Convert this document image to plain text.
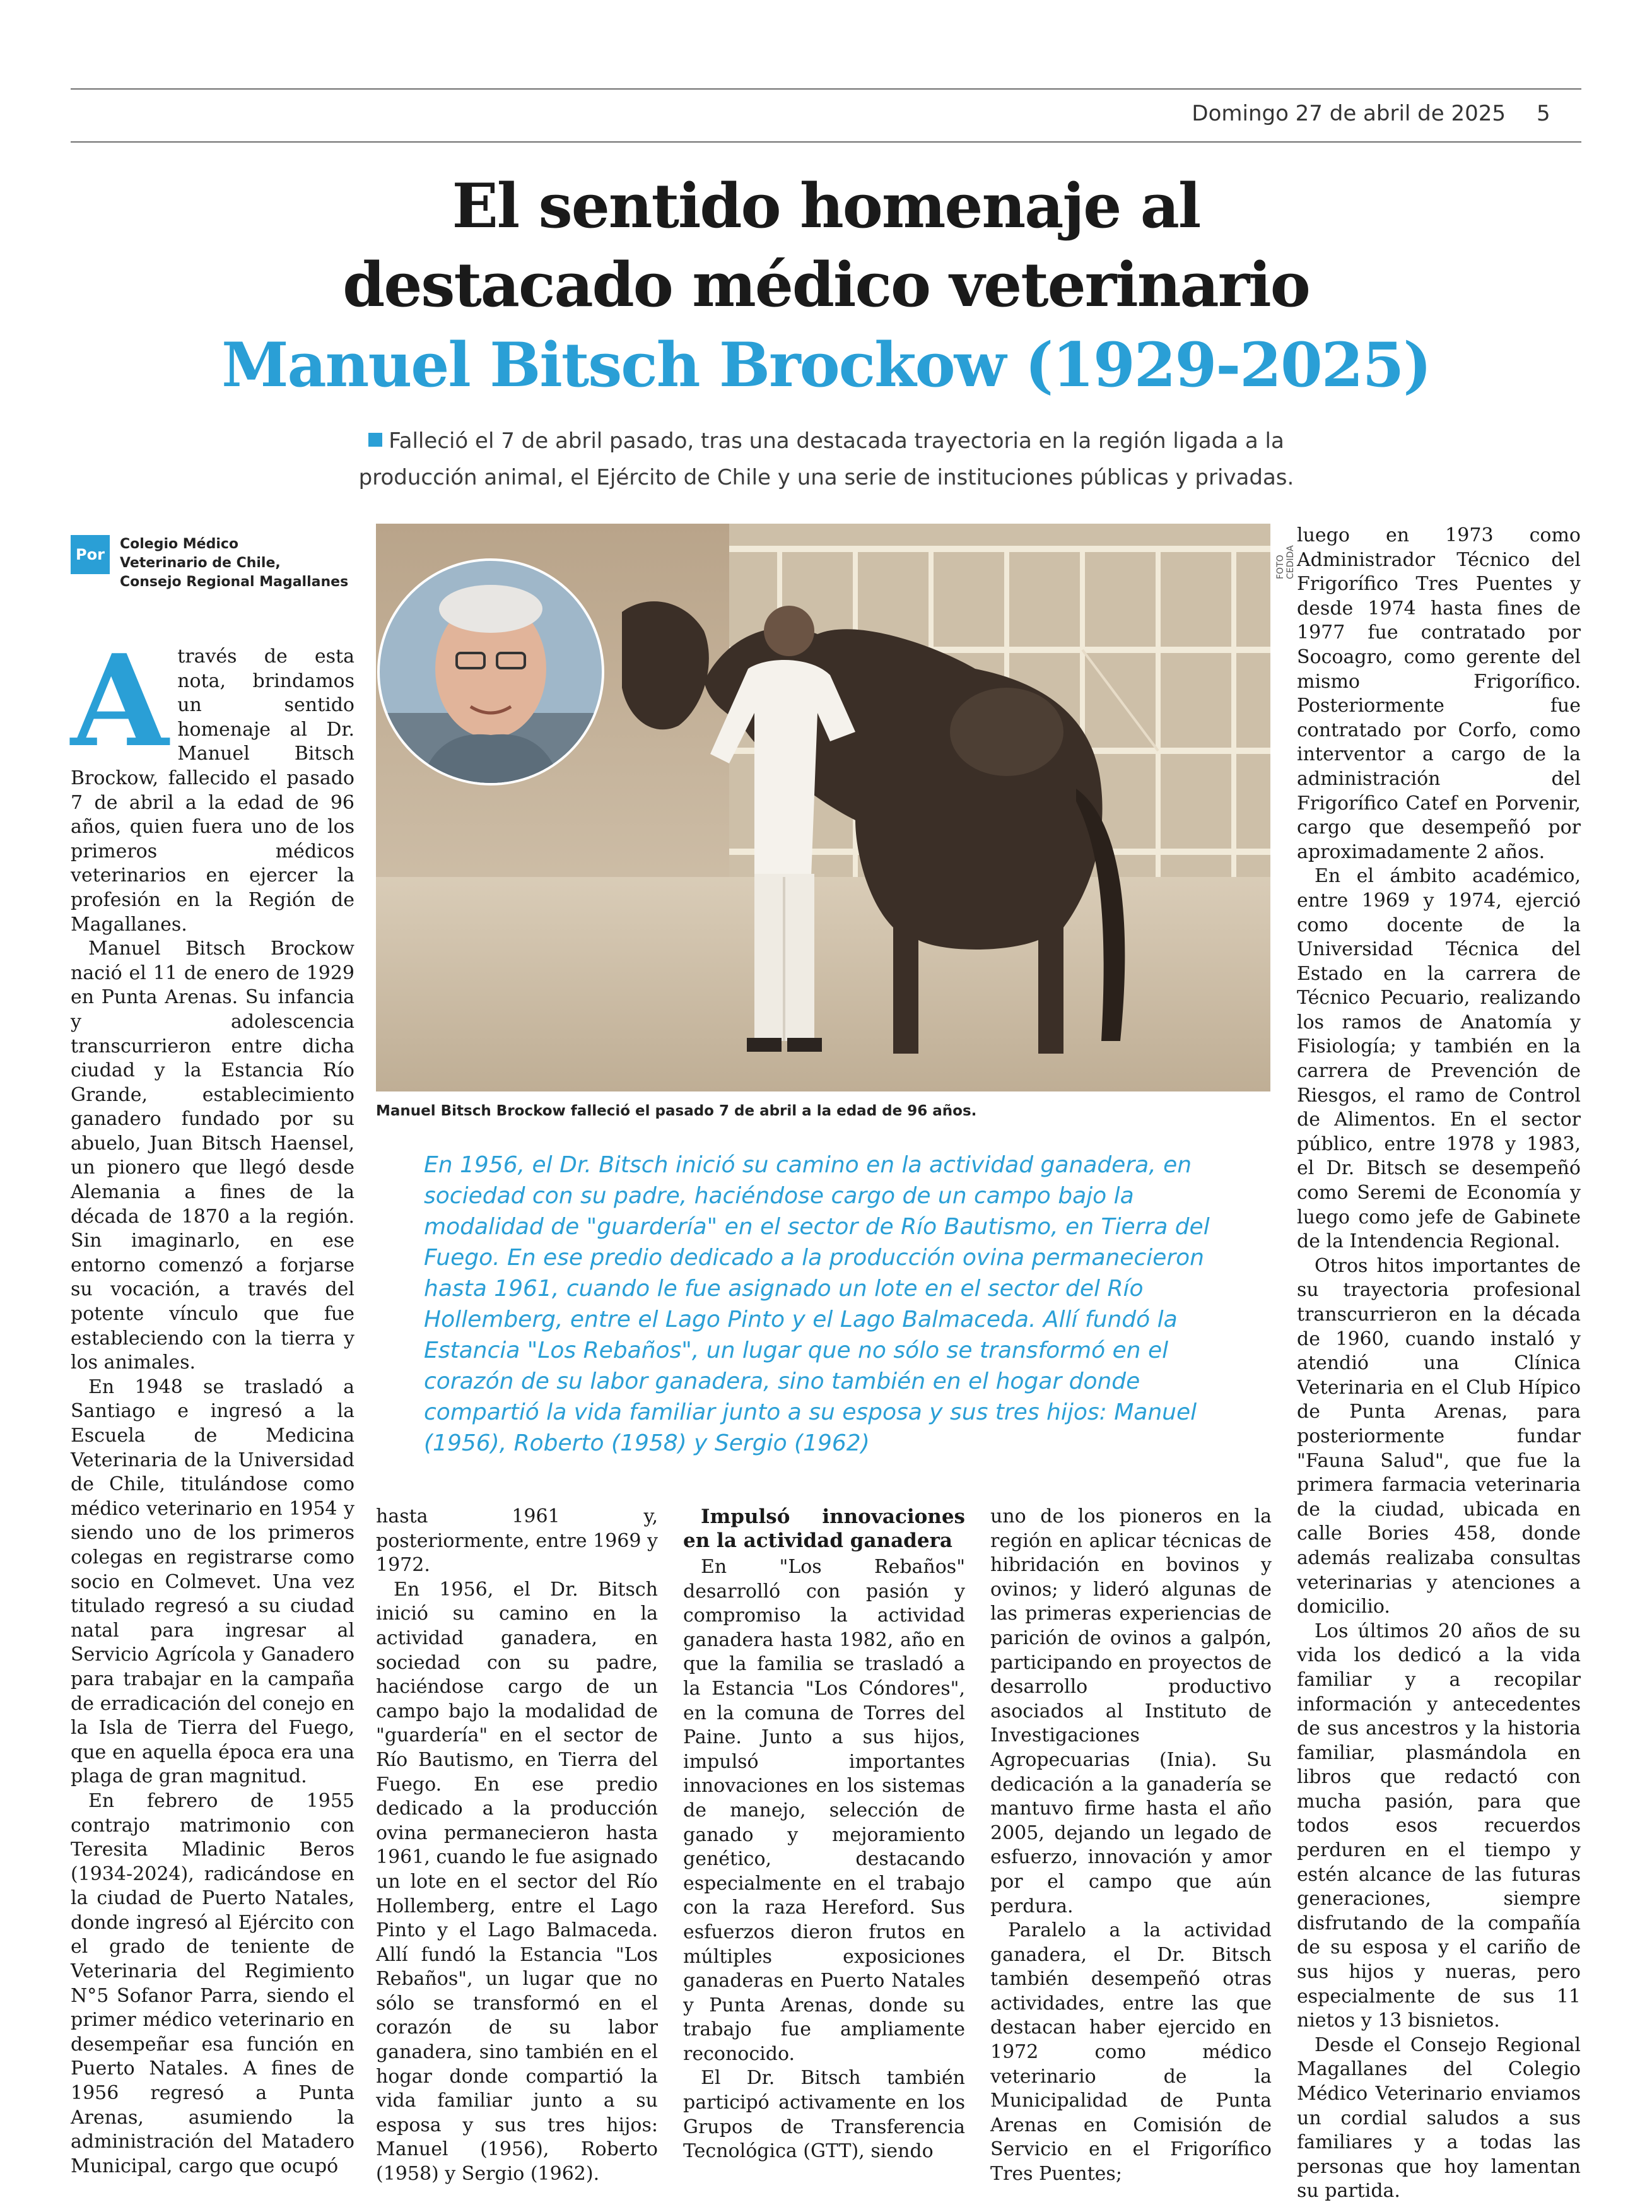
Domingo 27 de abril de 2025 5
El sentido homenaje al
destacado médico veterinario
Manuel Bitsch Brockow (1929-2025)
Falleció el 7 de abril pasado, tras una destacada trayectoria en la región ligada a la producción animal, el Ejército de Chile y una serie de instituciones públicas y privadas.
Por
Colegio Médico
Veterinario de Chile,
Consejo Regional Magallanes

Através de esta nota, brindamos un sentido homenaje al Dr. Manuel Bitsch Brockow, fallecido el pasado 7 de abril a la edad de 96 años, quien fuera uno de los primeros médicos veterinarios en ejercer la profesión en la Región de Magallanes.

Manuel Bitsch Brockow nació el 11 de enero de 1929 en Punta Arenas. Su infancia y adolescencia transcurrieron entre dicha ciudad y la Estancia Río Grande, establecimiento ganadero fundado por su abuelo, Juan Bitsch Haensel, un pionero que llegó desde Alemania a fines de la década de 1870 a la región. Sin imaginarlo, en ese entorno comenzó a forjarse su vocación, a través del potente vínculo que fue estableciendo con la tierra y los animales.

En 1948 se trasladó a Santiago e ingresó a la Escuela de Medicina Veterinaria de la Universidad de Chile, titulándose como médico veterinario en 1954 y siendo uno de los primeros colegas en registrarse como socio en Colmevet. Una vez titulado regresó a su ciudad natal para ingresar al Servicio Agrícola y Ganadero para trabajar en la campaña de erradicación del conejo en la Isla de Tierra del Fuego, que en aquella época era una plaga de gran magnitud.

En febrero de 1955 contrajo matrimonio con Teresita Mladinic Beros (1934-2024), radicándose en la ciudad de Puerto Natales, donde ingresó al Ejército con el grado de teniente de Veterinaria del Regimiento N°5 Sofanor Parra, siendo el primer médico veterinario en desempeñar esa función en Puerto Natales. A fines de 1956 regresó a Punta Arenas, asumiendo la administración del Matadero Municipal, cargo que ocupó

FOTO CEDIDA
Manuel Bitsch Brockow falleció el pasado 7 de abril a la edad de 96 años.
En 1956, el Dr. Bitsch inició su camino en la actividad ganadera, en sociedad con su padre, haciéndose cargo de un campo bajo la modalidad de "guardería" en el sector de Río Bautismo, en Tierra del Fuego. En ese predio dedicado a la producción ovina permanecieron hasta 1961, cuando le fue asignado un lote en el sector del Río Hollemberg, entre el Lago Pinto y el Lago Balmaceda. Allí fundó la Estancia "Los Rebaños", un lugar que no sólo se transformó en el corazón de su labor ganadera, sino también en el hogar donde compartió la vida familiar junto a su esposa y sus tres hijos: Manuel (1956), Roberto (1958) y Sergio (1962)

hasta 1961 y, posteriormente, entre 1969 y 1972.

En 1956, el Dr. Bitsch inició su camino en la actividad ganadera, en sociedad con su padre, haciéndose cargo de un campo bajo la modalidad de "guardería" en el sector de Río Bautismo, en Tierra del Fuego. En ese predio dedicado a la producción ovina permanecieron hasta 1961, cuando le fue asignado un lote en el sector del Río Hollemberg, entre el Lago Pinto y el Lago Balmaceda. Allí fundó la Estancia "Los Rebaños", un lugar que no sólo se transformó en el corazón de su labor ganadera, sino también en el hogar donde compartió la vida familiar junto a su esposa y sus tres hijos: Manuel (1956), Roberto (1958) y Sergio (1962).

Impulsó innovaciones en la actividad ganadera

En "Los Rebaños" desarrolló con pasión y compromiso la actividad ganadera hasta 1982, año en que la familia se trasladó a la Estancia "Los Cóndores", en la comuna de Torres del Paine. Junto a sus hijos, impulsó importantes innovaciones en los sistemas de manejo, selección de ganado y mejoramiento genético, destacando especialmente en el trabajo con la raza Hereford. Sus esfuerzos dieron frutos en múltiples exposiciones ganaderas en Puerto Natales y Punta Arenas, donde su trabajo fue ampliamente reconocido.

El Dr. Bitsch también participó activamente en los Grupos de Transferencia Tecnológica (GTT), siendo

uno de los pioneros en la región en aplicar técnicas de hibridación en bovinos y ovinos; y lideró algunas de las primeras experiencias de parición de ovinos a galpón, participando en proyectos de desarrollo productivo asociados al Instituto de Investigaciones Agropecuarias (Inia). Su dedicación a la ganadería se mantuvo firme hasta el año 2005, dejando un legado de esfuerzo, innovación y amor por el campo que aún perdura.

Paralelo a la actividad ganadera, el Dr. Bitsch también desempeñó otras actividades, entre las que destacan haber ejercido en 1972 como médico veterinario de la Municipalidad de Punta Arenas en Comisión de Servicio en el Frigorífico Tres Puentes;

luego en 1973 como Administrador Técnico del Frigorífico Tres Puentes y desde 1974 hasta fines de 1977 fue contratado por Socoagro, como gerente del mismo Frigorífico. Posteriormente fue contratado por Corfo, como interventor a cargo de la administración del Frigorífico Catef en Porvenir, cargo que desempeñó por aproximadamente 2 años.

En el ámbito académico, entre 1969 y 1974, ejerció como docente de la Universidad Técnica del Estado en la carrera de Técnico Pecuario, realizando los ramos de Anatomía y Fisiología; y también en la carrera de Prevención de Riesgos, el ramo de Control de Alimentos. En el sector público, entre 1978 y 1983, el Dr. Bitsch se desempeñó como Seremi de Economía y luego como jefe de Gabinete de la Intendencia Regional.

Otros hitos importantes de su trayectoria profesional transcurrieron en la década de 1960, cuando instaló y atendió una Clínica Veterinaria en el Club Hípico de Punta Arenas, para posteriormente fundar "Fauna Salud", que fue la primera farmacia veterinaria de la ciudad, ubicada en calle Bories 458, donde además realizaba consultas veterinarias y atenciones a domicilio.

Los últimos 20 años de su vida los dedicó a la vida familiar y a recopilar información y antecedentes de sus ancestros y la historia familiar, plasmándola en libros que redactó con mucha pasión, para que todos esos recuerdos perduren en el tiempo y estén alcance de las futuras generaciones, siempre disfrutando de la compañía de su esposa y el cariño de sus hijos y nueras, pero especialmente de sus 11 nietos y 13 bisnietos.

Desde el Consejo Regional Magallanes del Colegio Médico Veterinario enviamos un cordial saludos a sus familiares y a todas las personas que hoy lamentan su partida.
